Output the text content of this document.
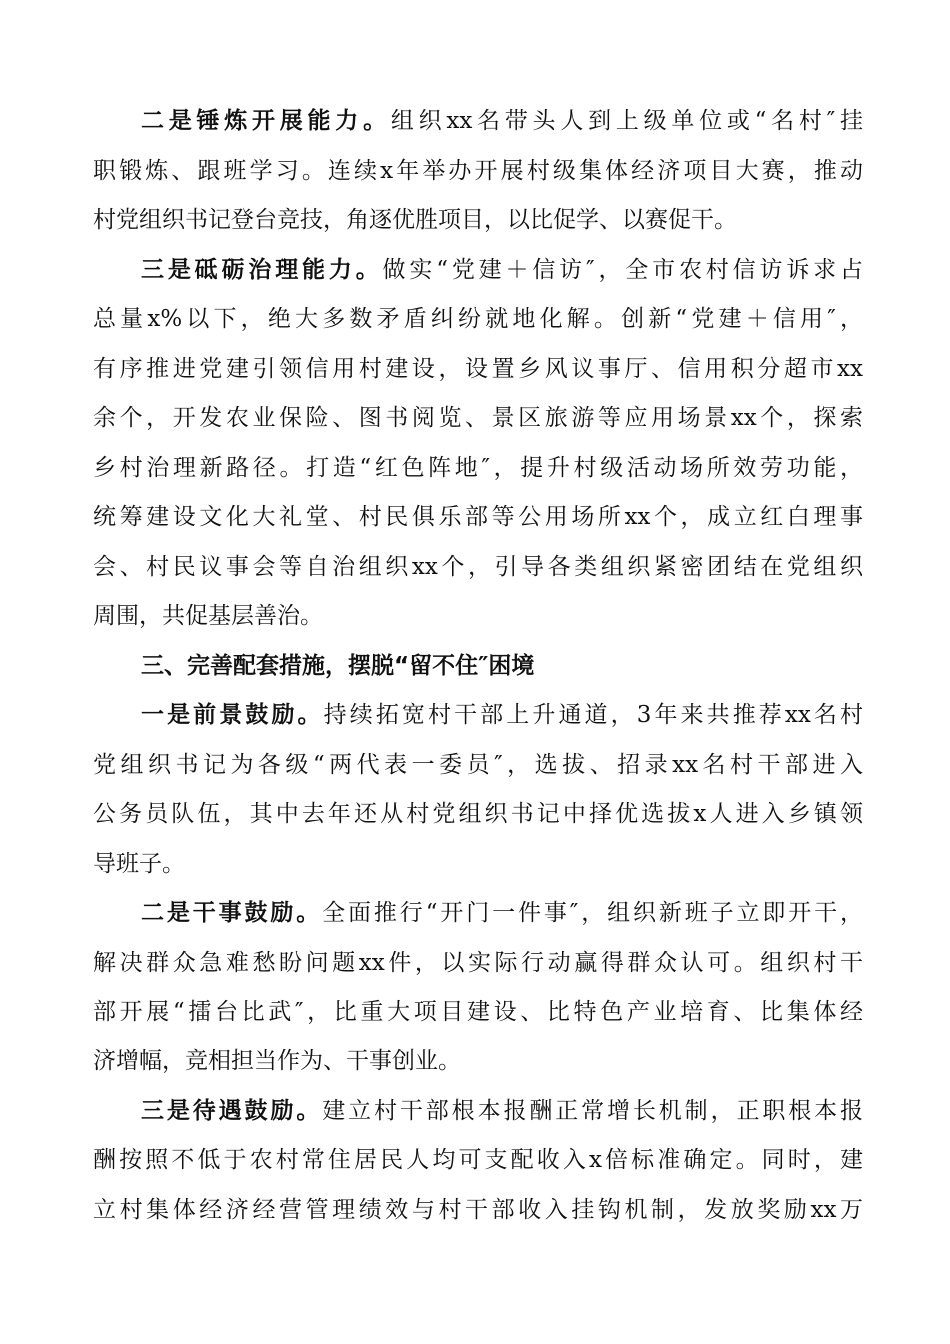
二是锤炼开展能力。组织xx名带头人到上级单位或“名村″挂
职锻炼、跟班学习。连续x年举办开展村级集体经济项目大赛，推动
村党组织书记登台竞技，角逐优胜项目，以比促学、以赛促干。
三是砥砺治理能力。做实“党建＋信访″，全市农村信访诉求占
总量x%以下，绝大多数矛盾纠纷就地化解。创新“党建＋信用″，
有序推进党建引领信用村建设，设置乡风议事厅、信用积分超市xx
余个，开发农业保险、图书阅览、景区旅游等应用场景xx个，探索
乡村治理新路径。打造“红色阵地″，提升村级活动场所效劳功能，
统筹建设文化大礼堂、村民俱乐部等公用场所xx个，成立红白理事
会、村民议事会等自治组织xx个，引导各类组织紧密团结在党组织
周围，共促基层善治。
三、完善配套措施，摆脱“留不住″困境
一是前景鼓励。持续拓宽村干部上升通道，3年来共推荐xx名村
党组织书记为各级“两代表一委员″，选拔、招录xx名村干部进入
公务员队伍，其中去年还从村党组织书记中择优选拔x人进入乡镇领
导班子。
二是干事鼓励。全面推行“开门一件事″，组织新班子立即开干，
解决群众急难愁盼问题xx件，以实际行动赢得群众认可。组织村干
部开展“擂台比武″，比重大项目建设、比特色产业培育、比集体经
济增幅，竞相担当作为、干事创业。
三是待遇鼓励。建立村干部根本报酬正常增长机制，正职根本报
酬按照不低于农村常住居民人均可支配收入x倍标准确定。同时，建
立村集体经济经营管理绩效与村干部收入挂钩机制，发放奖励xx万
